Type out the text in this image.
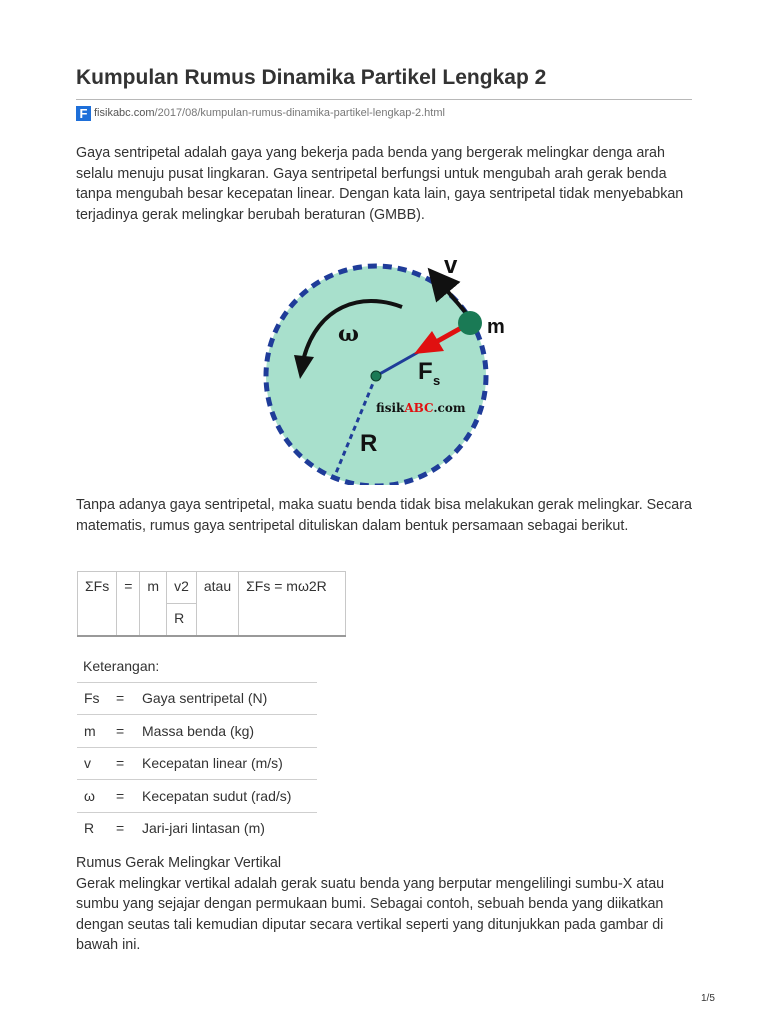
Kumpulan Rumus Dinamika Partikel Lengkap 2
F fisikabc.com/2017/08/kumpulan-rumus-dinamika-partikel-lengkap-2.html

Gaya sentripetal adalah gaya yang bekerja pada benda yang bergerak melingkar denga arah selalu menuju pusat lingkaran. Gaya sentripetal berfungsi untuk mengubah arah gerak benda tanpa mengubah besar kecepatan linear. Dengan kata lain, gaya sentripetal tidak menyebabkan terjadinya gerak melingkar berubah beraturan (GMBB).

ω
v
m
F s
R
fisikABC.com

Tanpa adanya gaya sentripetal, maka suatu benda tidak bisa melakukan gerak melingkar. Secara matematis, rumus gaya sentripetal dituliskan dalam bentuk persamaan sebagai berikut.

ΣFs	=	m	v2	atau	ΣFs = mω2R
R
Keterangan:		
Fs	=	Gaya sentripetal (N)
m	=	Massa benda (kg)
v	=	Kecepatan linear (m/s)
ω	=	Kecepatan sudut (rad/s)
R	=	Jari-jari lintasan (m)
Rumus Gerak Melingkar Vertikal
Gerak melingkar vertikal adalah gerak suatu benda yang berputar mengelilingi sumbu-X atau sumbu yang sejajar dengan permukaan bumi. Sebagai contoh, sebuah benda yang diikatkan dengan seutas tali kemudian diputar secara vertikal seperti yang ditunjukkan pada gambar di bawah ini.
1/5
